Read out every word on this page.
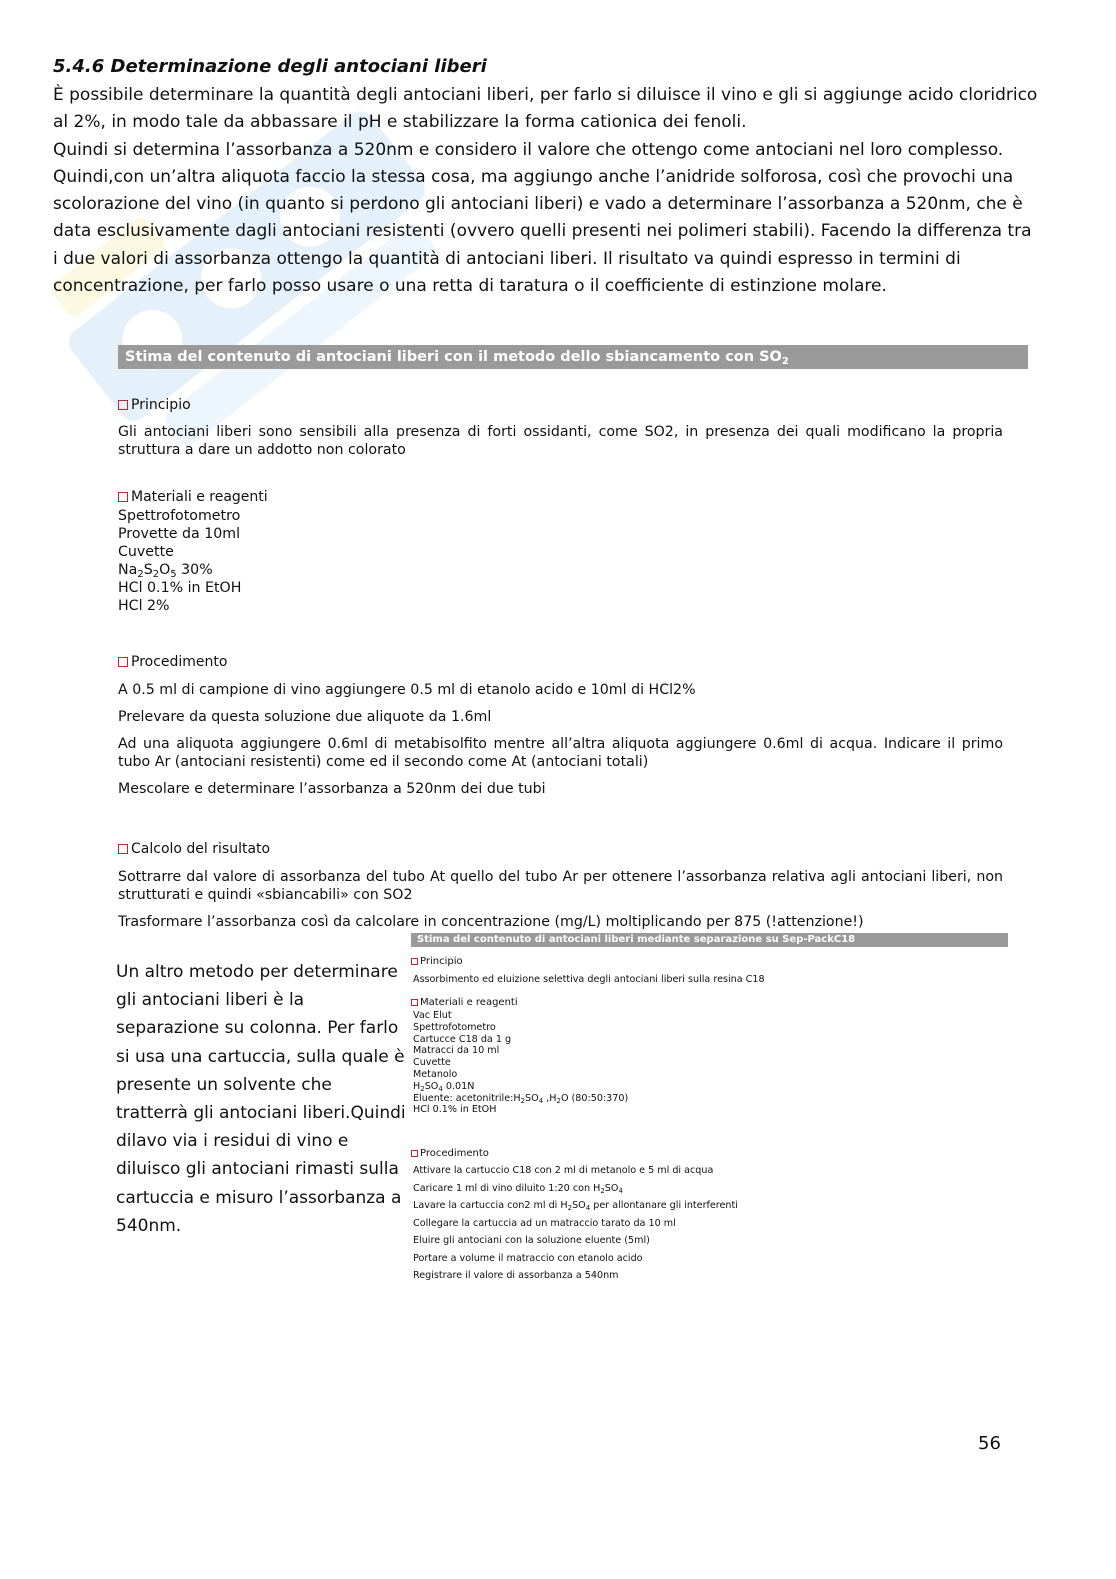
5.4.6 Determinazione degli antociani liberi

È possibile determinare la quantità degli antociani liberi, per farlo si diluisce il vino e gli si aggiunge acido cloridrico al 2%, in modo tale da abbassare il pH e stabilizzare la forma cationica dei fenoli.

Quindi si determina l’assorbanza a 520nm e considero il valore che ottengo come antociani nel loro complesso. Quindi,con un’altra aliquota faccio la stessa cosa, ma aggiungo anche l’anidride solforosa, così che provochi una scolorazione del vino (in quanto si perdono gli antociani liberi) e vado a determinare l’assorbanza a 520nm, che è data esclusivamente dagli antociani resistenti (ovvero quelli presenti nei polimeri stabili). Facendo la differenza tra i due valori di assorbanza ottengo la quantità di antociani liberi. Il risultato va quindi espresso in termini di concentrazione, per farlo posso usare o una retta di taratura o il coefficiente di estinzione molare.

Stima del contenuto di antociani liberi con il metodo dello sbiancamento con $SO_2$
Principio
Gli antociani liberi sono sensibili alla presenza di forti ossidanti, come SO2, in presenza dei quali modificano la propria struttura a dare un addotto non colorato
Materiali e reagenti
Spettrofotometro
Provette da 10ml
Cuvette
$Na_2S_2O_5$ 30%
HCl 0.1% in EtOH
HCl 2%
Procedimento
A 0.5 ml di campione di vino aggiungere 0.5 ml di etanolo acido e 10ml di HCl2%
Prelevare da questa soluzione due aliquote da 1.6ml
Ad una aliquota aggiungere 0.6ml di metabisolfito mentre all’altra aliquota aggiungere 0.6ml di acqua. Indicare il primo tubo Ar (antociani resistenti) come ed il secondo come At (antociani totali)
Mescolare e determinare l’assorbanza a 520nm dei due tubi
Calcolo del risultato
Sottrarre dal valore di assorbanza del tubo At quello del tubo Ar per ottenere l’assorbanza relativa agli antociani liberi, non strutturati e quindi «sbiancabili» con SO2
Trasformare l’assorbanza così da calcolare in concentrazione (mg/L) moltiplicando per 875 (!attenzione!)

Un altro metodo per determinare gli antociani liberi è la separazione su colonna. Per farlo si usa una cartuccia, sulla quale è presente un solvente che tratterrà gli antociani liberi.Quindi dilavo via i residui di vino e diluisco gli antociani rimasti sulla cartuccia e misuro l’assorbanza a 540nm.

Stima del contenuto di antociani liberi mediante separazione su Sep-PackC18
Principio
Assorbimento ed eluizione selettiva degli antociani liberi sulla resina C18
Materiali e reagenti
Vac Elut
Spettrofotometro
Cartucce C18 da 1 g
Matracci da 10 ml
Cuvette
Metanolo
$H_2SO_4$ 0.01N
Eluente: $acetonitrile:H_2SO_4$ $,H_2O$ (80:50:370)
HCl 0.1% in EtOH
Procedimento
Attivare la cartuccio C18 con 2 ml di metanolo e 5 ml di acqua
Caricare 1 ml di vino diluito 1:20 con $H_2SO_4$
Lavare la cartuccia con2 ml di $H_2SO_4$ per allontanare gli interferenti
Collegare la cartuccia ad un matraccio tarato da 10 ml
Eluire gli antociani con la soluzione eluente (5ml)
Portare a volume il matraccio con etanolo acido
Registrare il valore di assorbanza a 540nm
56
